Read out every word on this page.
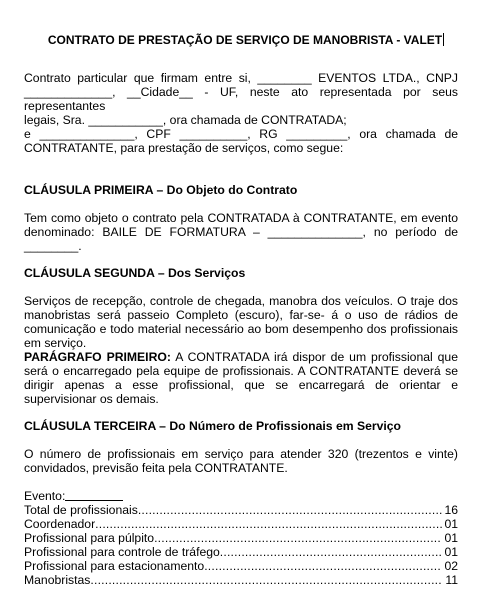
CONTRATO DE PRESTAÇÃO DE SERVIÇO DE MANOBRISTA - VALET

Contrato particular que firmam entre si, ________ EVENTOS LTDA., CNPJ

_____________, __Cidade__ - UF, neste ato representada por seus representantes

legais, Sra. ___________, ora chamada de CONTRATADA;

e ______________, CPF __________, RG _________, ora chamada de

CONTRATANTE, para prestação de serviços, como segue:

CLÁUSULA PRIMEIRA – Do Objeto do Contrato

Tem como objeto o contrato pela CONTRATADA à CONTRATANTE, em evento

denominado: BAILE DE FORMATURA – ______________, no período de ________.

CLÁUSULA SEGUNDA – Dos Serviços

Serviços de recepção, controle de chegada, manobra dos veículos. O traje dos manobristas será passeio Completo (escuro), far-se- á o uso de rádios de comunicação e todo material necessário ao bom desempenho dos profissionais em serviço.

PARÁGRAFO PRIMEIRO: A CONTRATADA irá dispor de um profissional que será o encarregado pela equipe de profissionais. A CONTRATANTE deverá se dirigir apenas a esse profissional, que se encarregará de orientar e supervisionar os demais.

CLÁUSULA TERCEIRA – Do Número de Profissionais em Serviço

O número de profissionais em serviço para atender 320 (trezentos e vinte) convidados, previsão feita pela CONTRATANTE.

Evento:
Total de profissionais .....	16
Coordenador .....	01
Profissional para púlpito .....	01
Profissional para controle de tráfego .....	01
Profissional para estacionamento .....	02
Manobristas .....	11
